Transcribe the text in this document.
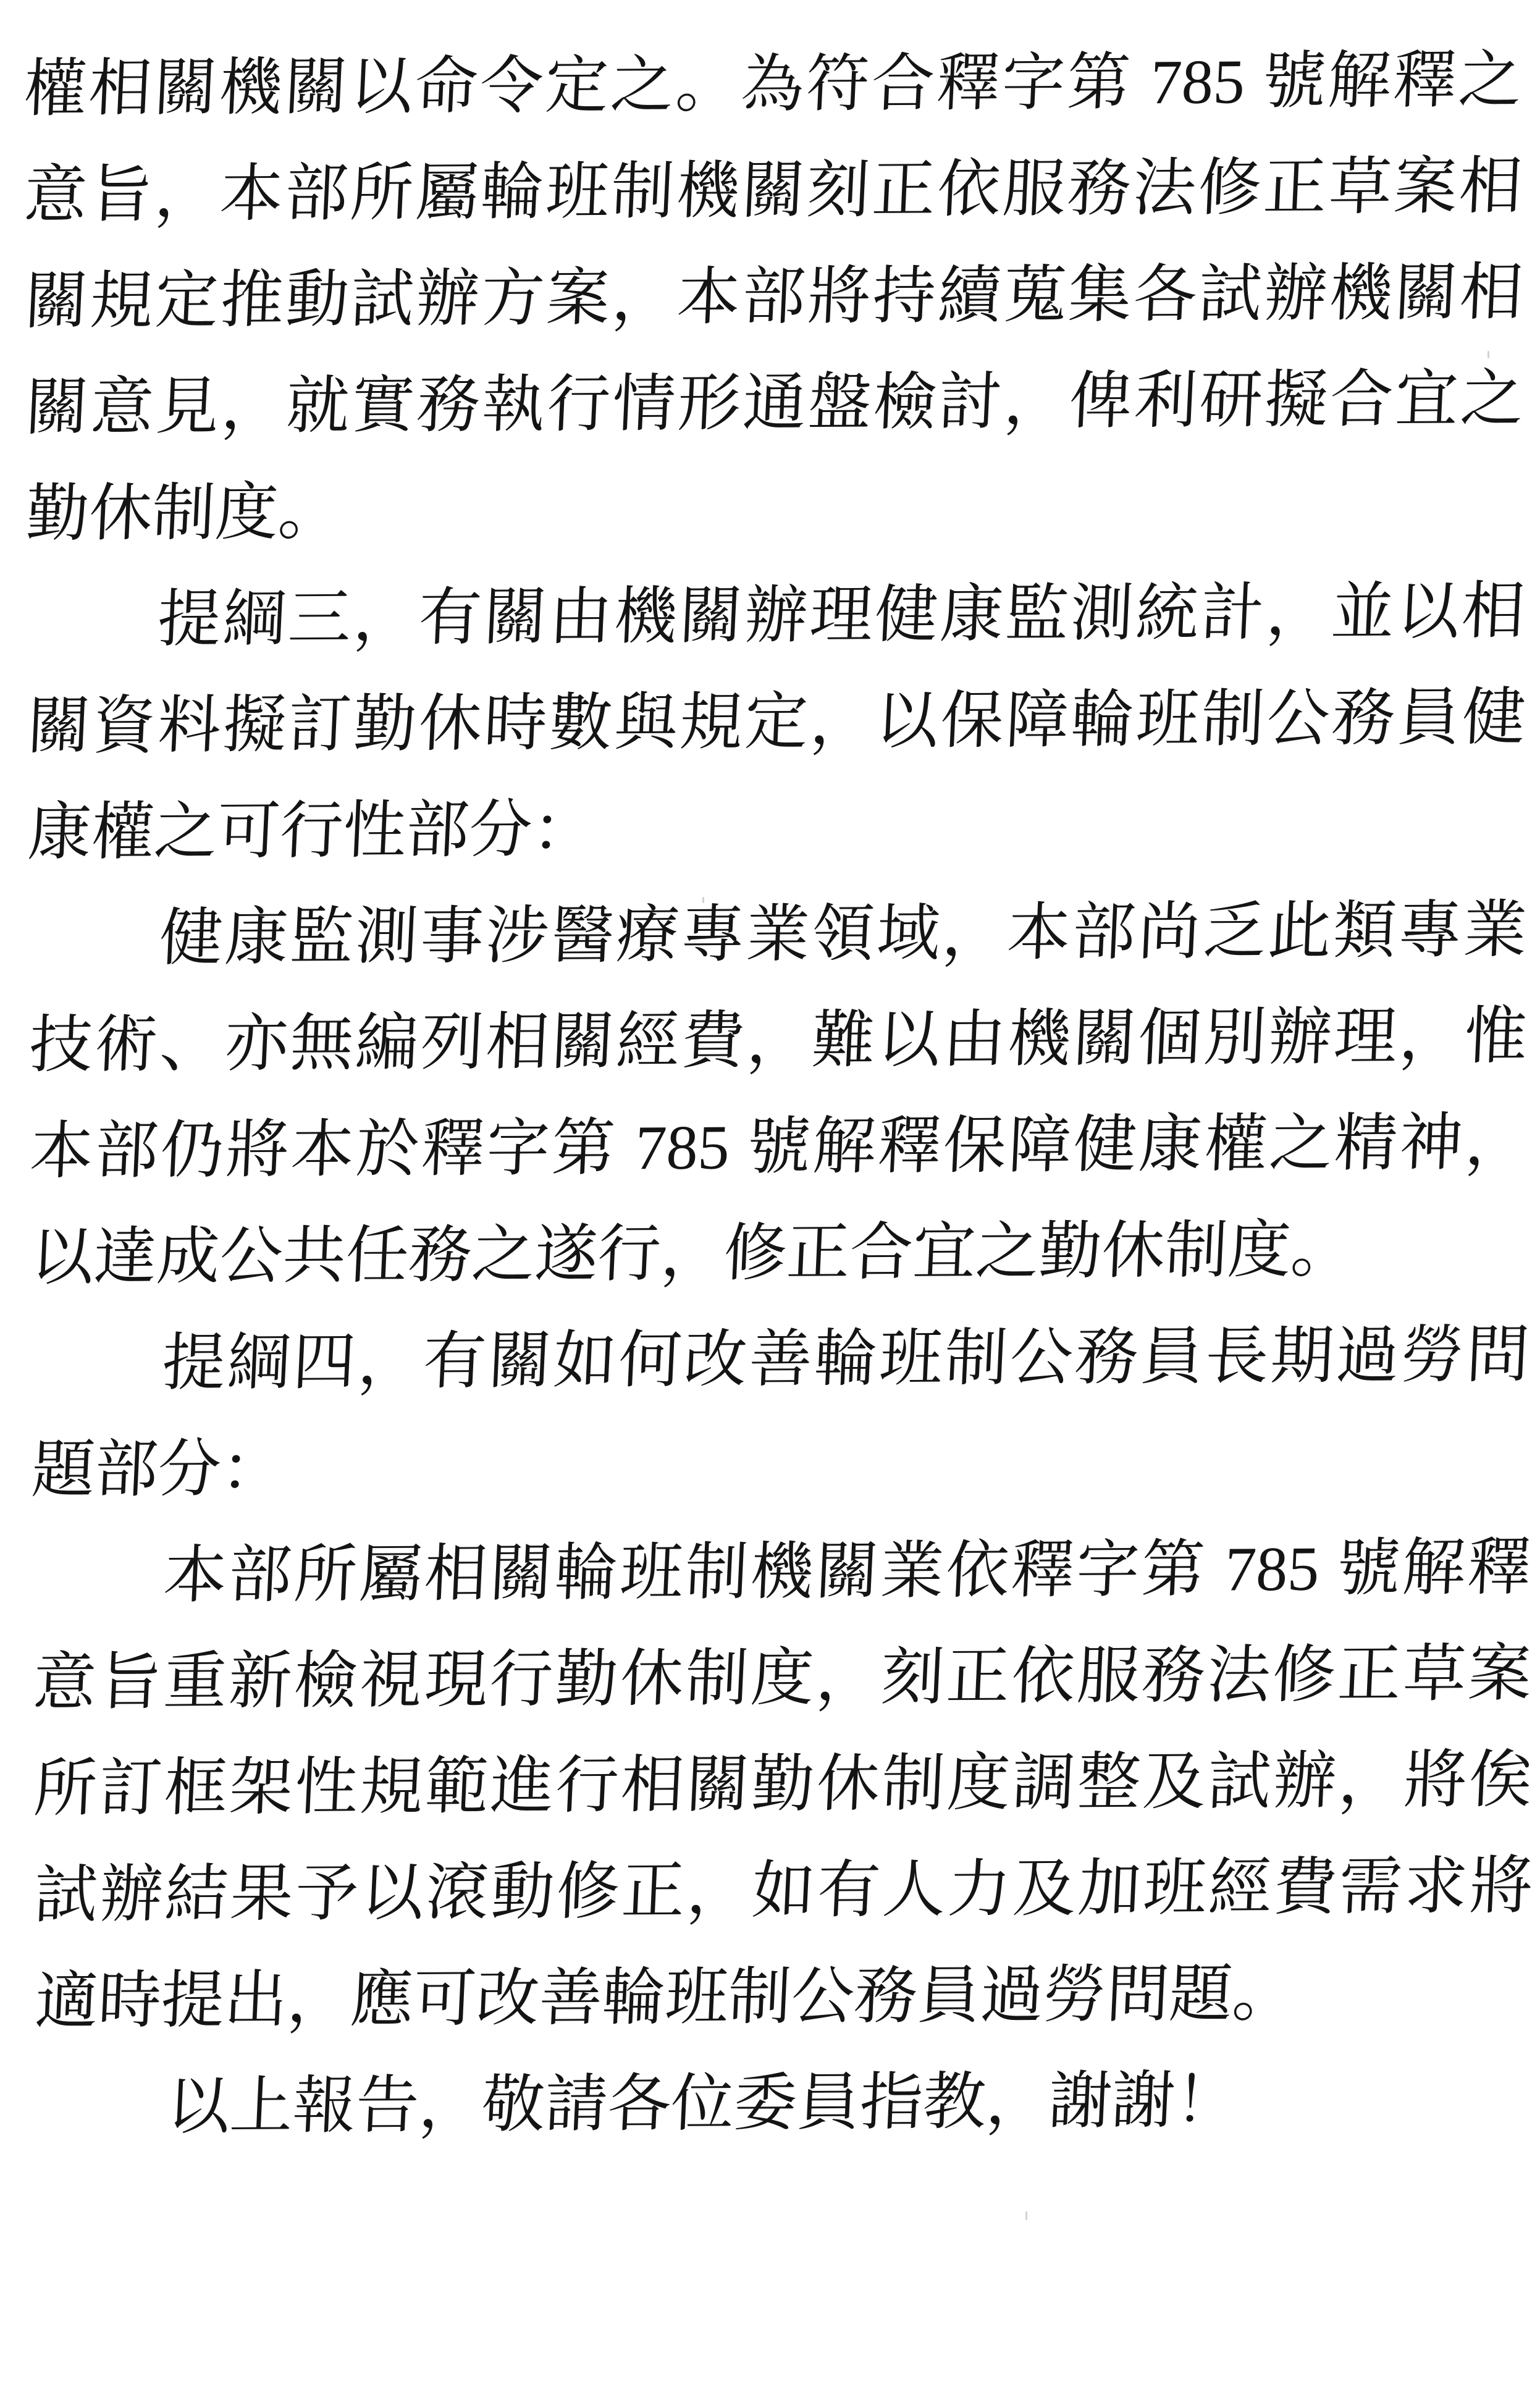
權相關機關以命令定之。為符合釋字第 785 號解釋之
意旨，本部所屬輪班制機關刻正依服務法修正草案相
關規定推動試辦方案，本部將持續蒐集各試辦機關相
關意見，就實務執行情形通盤檢討，俾利研擬合宜之
勤休制度。
提綱三，有關由機關辦理健康監測統計，並以相
關資料擬訂勤休時數與規定，以保障輪班制公務員健
康權之可行性部分：
健康監測事涉醫療專業領域，本部尚乏此類專業
技術、亦無編列相關經費，難以由機關個別辦理，惟
本部仍將本於釋字第 785 號解釋保障健康權之精神，
以達成公共任務之遂行，修正合宜之勤休制度。
提綱四，有關如何改善輪班制公務員長期過勞問
題部分：
本部所屬相關輪班制機關業依釋字第 785 號解釋
意旨重新檢視現行勤休制度，刻正依服務法修正草案
所訂框架性規範進行相關勤休制度調整及試辦，將俟
試辦結果予以滾動修正，如有人力及加班經費需求將
適時提出，應可改善輪班制公務員過勞問題。
以上報告，敬請各位委員指教，謝謝！
